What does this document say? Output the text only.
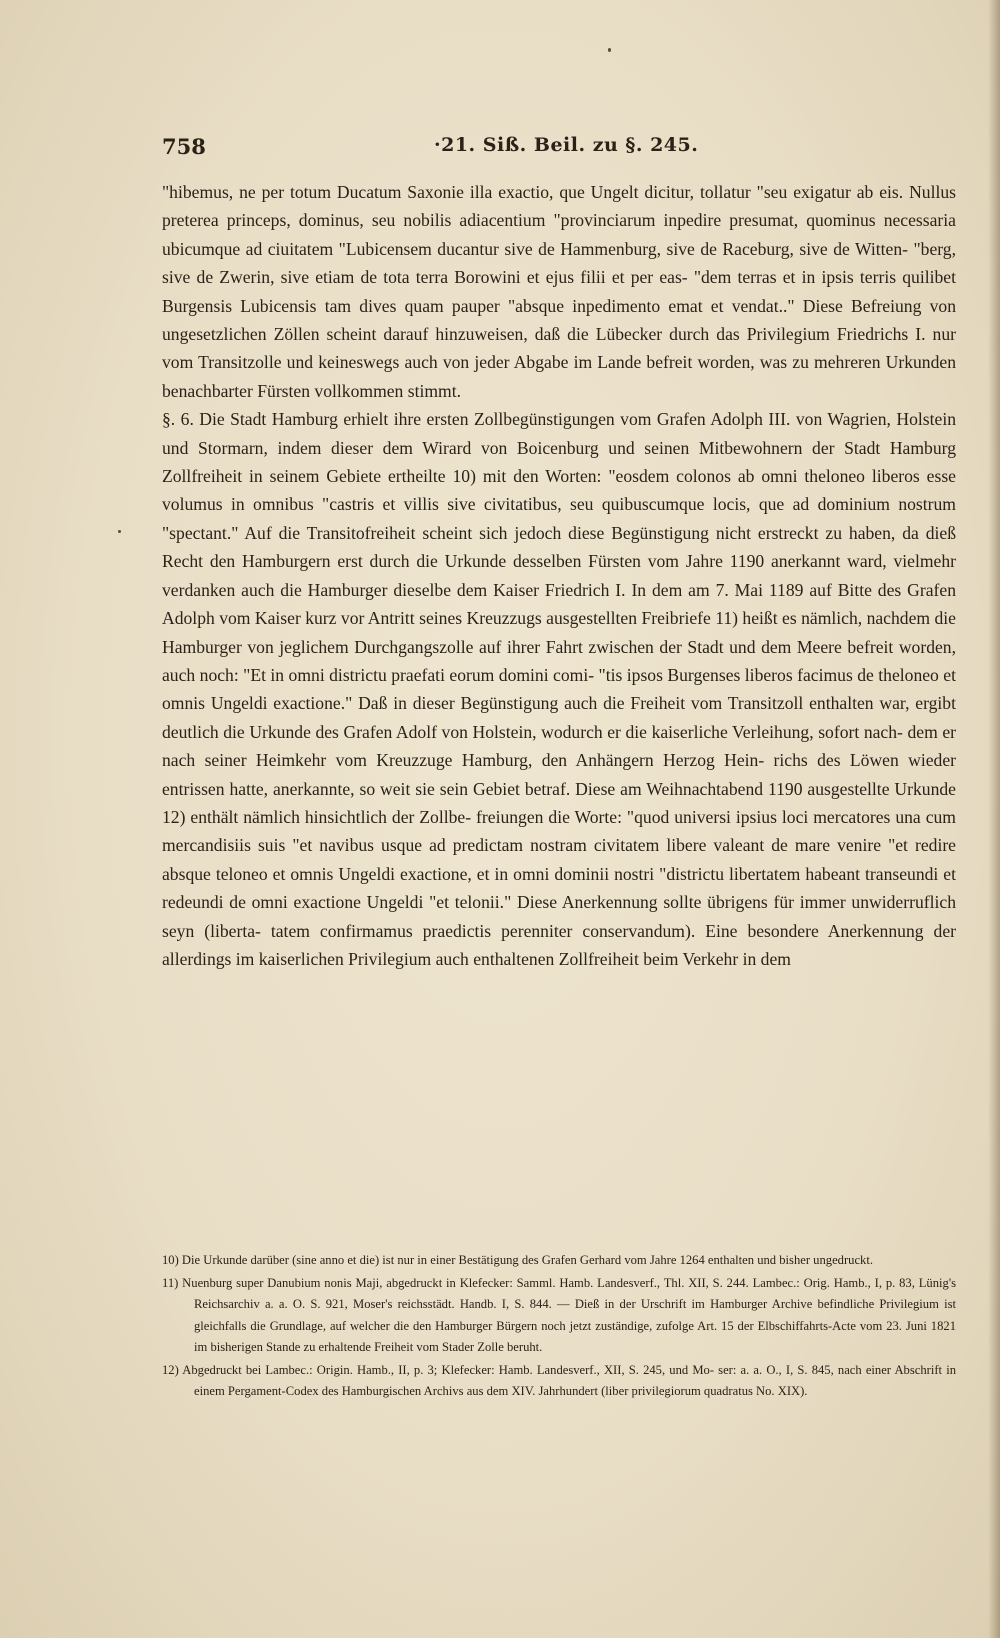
758	·21. Siß. Beil. zu §. 245.

"hibemus, ne per totum Ducatum Saxonie illa exactio, que Ungelt dicitur, tollatur "seu exigatur ab eis. Nullus preterea princeps, dominus, seu nobilis adiacentium "provinciarum inpedire presumat, quominus necessaria ubicumque ad ciuitatem "Lubicensem ducantur sive de Hammenburg, sive de Raceburg, sive de Witten- "berg, sive de Zwerin, sive etiam de tota terra Borowini et ejus filii et per eas- "dem terras et in ipsis terris quilibet Burgensis Lubicensis tam dives quam pauper "absque inpedimento emat et vendat.." Diese Befreiung von ungesetzlichen Zöllen scheint darauf hinzuweisen, daß die Lübecker durch das Privilegium Friedrichs I. nur vom Transitzolle und keineswegs auch von jeder Abgabe im Lande befreit worden, was zu mehreren Urkunden benachbarter Fürsten vollkommen stimmt.

§. 6. Die Stadt Hamburg erhielt ihre ersten Zollbegünstigungen vom Grafen Adolph III. von Wagrien, Holstein und Stormarn, indem dieser dem Wirard von Boicenburg und seinen Mitbewohnern der Stadt Hamburg Zollfreiheit in seinem Gebiete ertheilte 10) mit den Worten: "eosdem colonos ab omni theloneo liberos esse volumus in omnibus "castris et villis sive civitatibus, seu quibuscumque locis, que ad dominium nostrum "spectant." Auf die Transitofreiheit scheint sich jedoch diese Begünstigung nicht erstreckt zu haben, da dieß Recht den Hamburgern erst durch die Urkunde desselben Fürsten vom Jahre 1190 anerkannt ward, vielmehr verdanken auch die Hamburger dieselbe dem Kaiser Friedrich I. In dem am 7. Mai 1189 auf Bitte des Grafen Adolph vom Kaiser kurz vor Antritt seines Kreuzzugs ausgestellten Freibriefe 11) heißt es nämlich, nachdem die Hamburger von jeglichem Durchgangszolle auf ihrer Fahrt zwischen der Stadt und dem Meere befreit worden, auch noch: "Et in omni districtu praefati eorum domini comi- "tis ipsos Burgenses liberos facimus de theloneo et omnis Ungeldi exactione." Daß in dieser Begünstigung auch die Freiheit vom Transitzoll enthalten war, ergibt deutlich die Urkunde des Grafen Adolf von Holstein, wodurch er die kaiserliche Verleihung, sofort nach- dem er nach seiner Heimkehr vom Kreuzzuge Hamburg, den Anhängern Herzog Hein- richs des Löwen wieder entrissen hatte, anerkannte, so weit sie sein Gebiet betraf. Diese am Weihnachtabend 1190 ausgestellte Urkunde 12) enthält nämlich hinsichtlich der Zollbe- freiungen die Worte: "quod universi ipsius loci mercatores una cum mercandisiis suis "et navibus usque ad predictam nostram civitatem libere valeant de mare venire "et redire absque teloneo et omnis Ungeldi exactione, et in omni dominii nostri "districtu libertatem habeant transeundi et redeundi de omni exactione Ungeldi "et telonii." Diese Anerkennung sollte übrigens für immer unwiderruflich seyn (liberta- tatem confirmamus praedictis perenniter conservandum). Eine besondere Anerkennung der allerdings im kaiserlichen Privilegium auch enthaltenen Zollfreiheit beim Verkehr in dem

10) Die Urkunde darüber (sine anno et die) ist nur in einer Bestätigung des Grafen Gerhard vom Jahre 1264 enthalten und bisher ungedruckt.

11) Nuenburg super Danubium nonis Maji, abgedruckt in Klefecker: Samml. Hamb. Landesverf., Thl. XII, S. 244. Lambec.: Orig. Hamb., I, p. 83, Lünig's Reichsarchiv a. a. O. S. 921, Moser's reichsstädt. Handb. I, S. 844. — Dieß in der Urschrift im Hamburger Archive befindliche Privilegium ist gleichfalls die Grundlage, auf welcher die den Hamburger Bürgern noch jetzt zuständige, zufolge Art. 15 der Elbschiffahrts-Acte vom 23. Juni 1821 im bisherigen Stande zu erhaltende Freiheit vom Stader Zolle beruht.

12) Abgedruckt bei Lambec.: Origin. Hamb., II, p. 3; Klefecker: Hamb. Landesverf., XII, S. 245, und Mo- ser: a. a. O., I, S. 845, nach einer Abschrift in einem Pergament-Codex des Hamburgischen Archivs aus dem XIV. Jahrhundert (liber privilegiorum quadratus No. XIX).
